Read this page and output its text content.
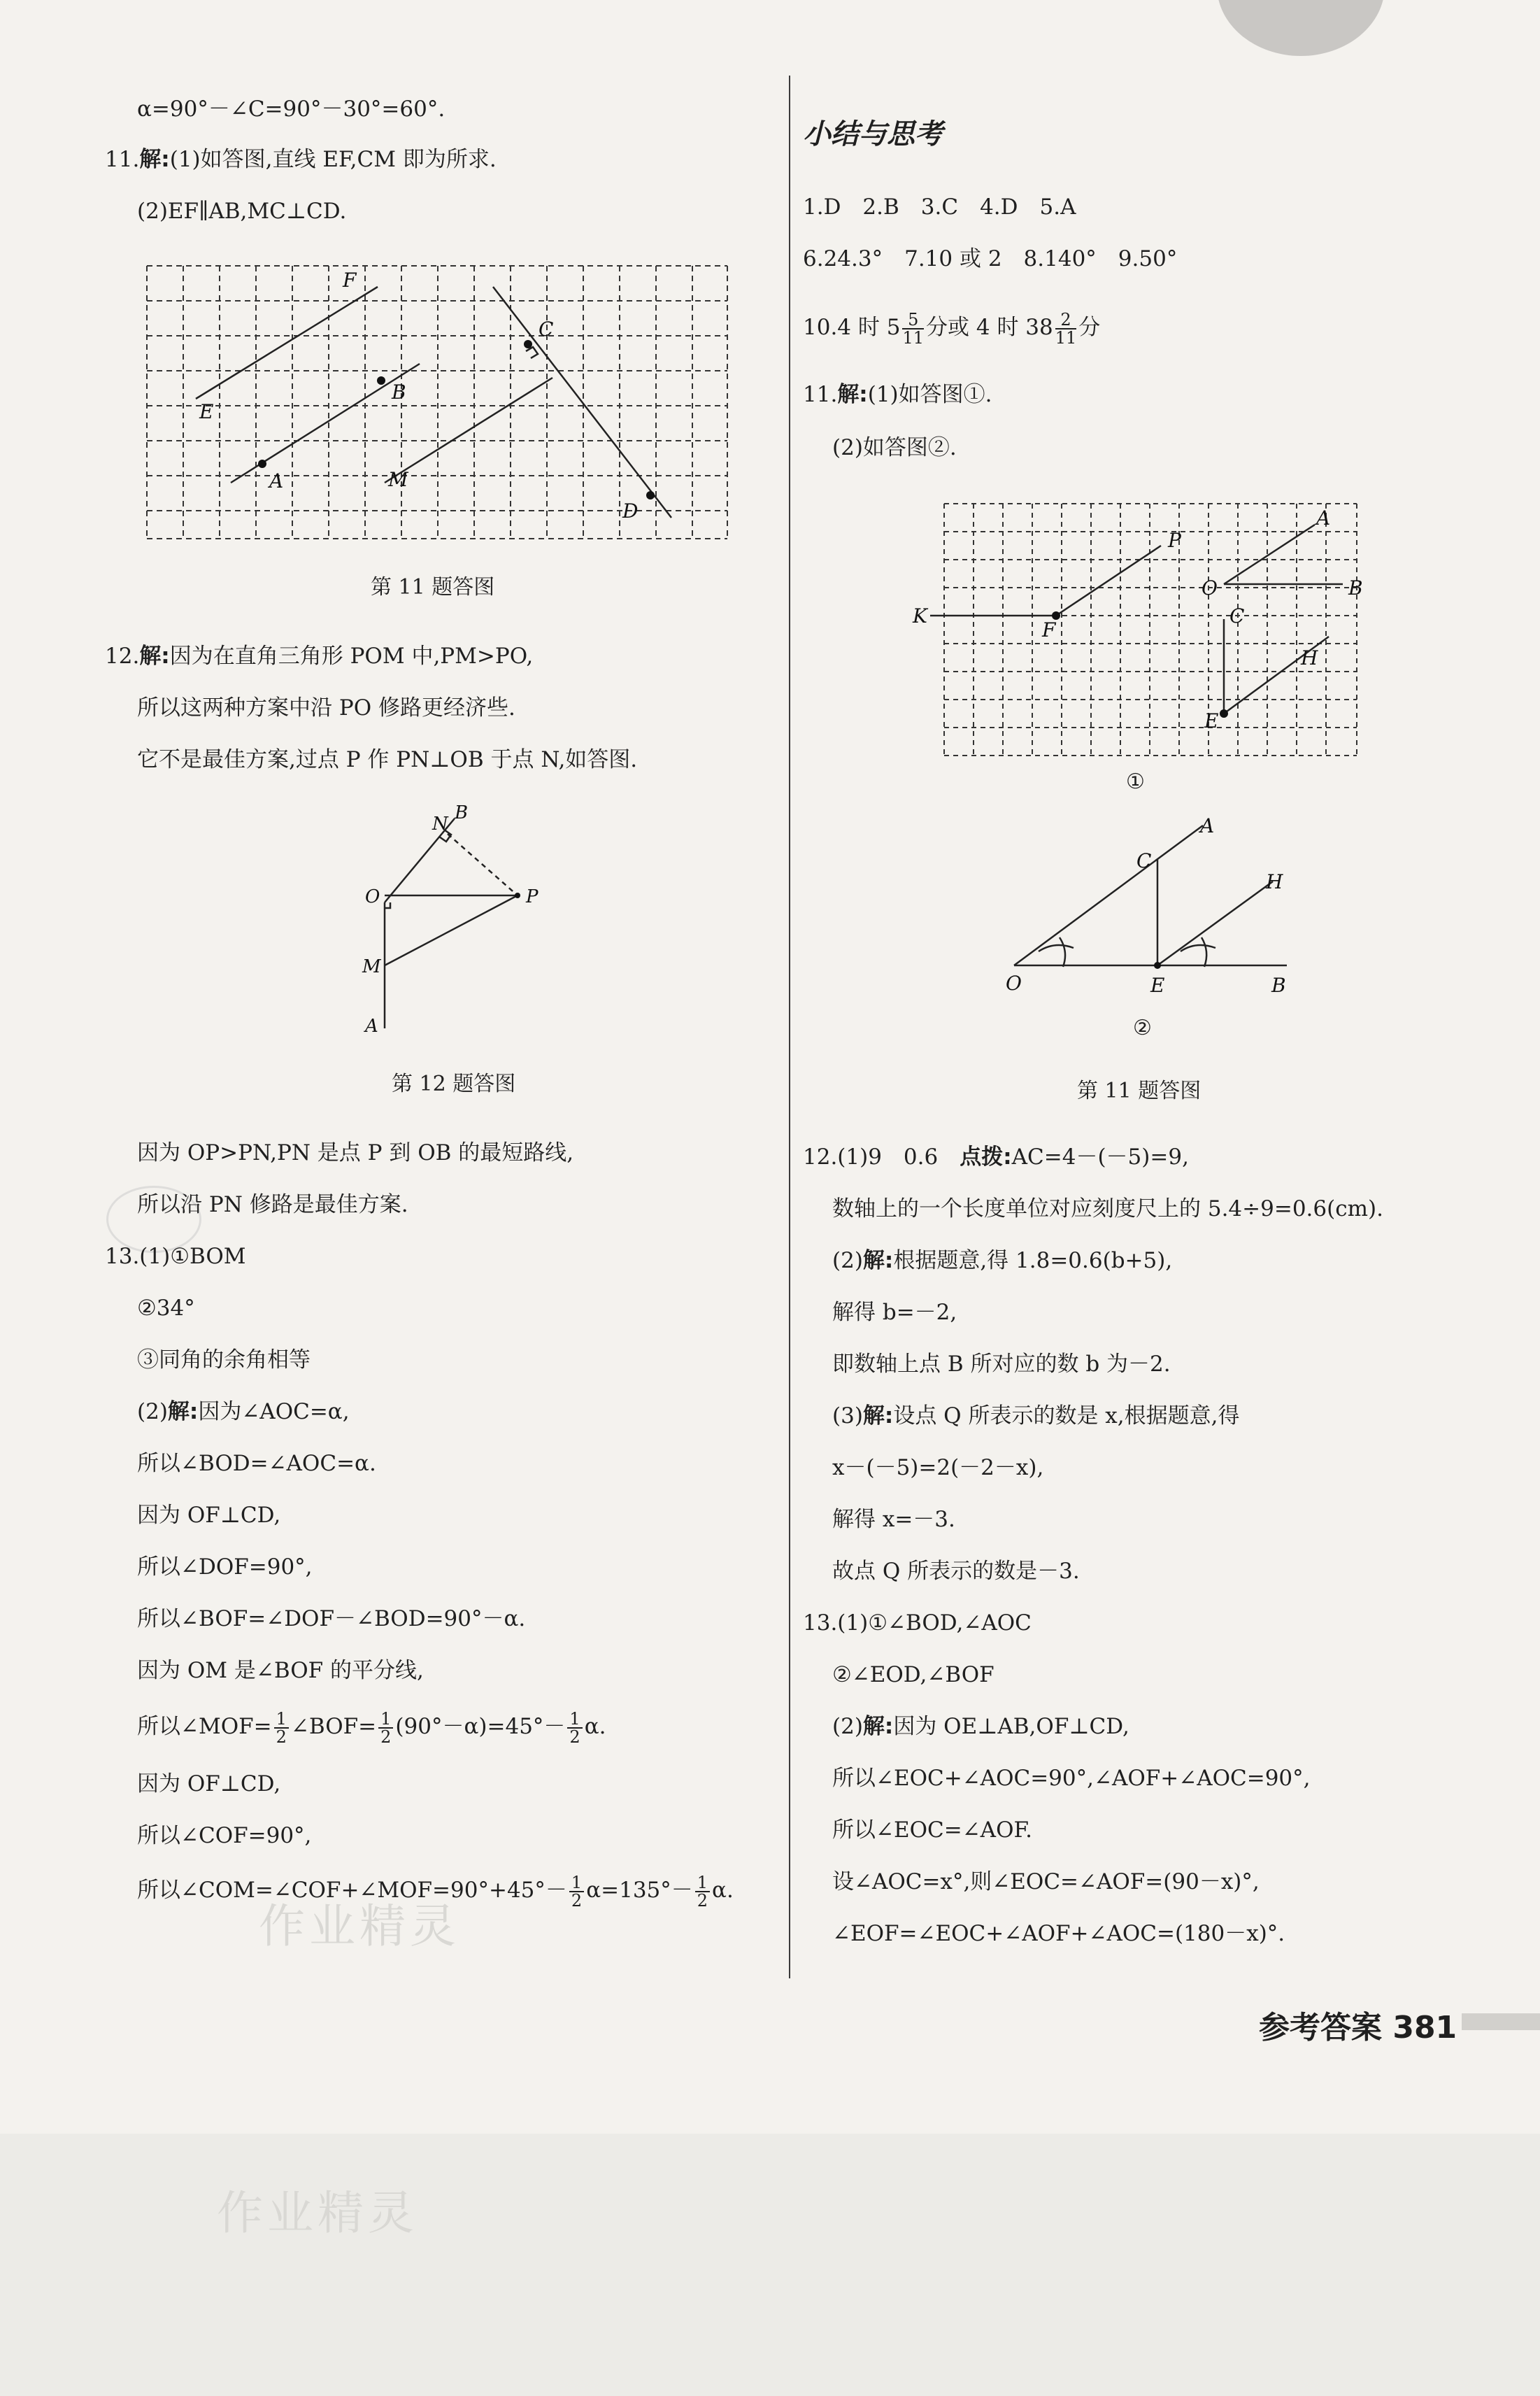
α=90°－∠C=90°－30°=60°.
11.解:(1)如答图,直线 EF,CM 即为所求.
(2)EF∥AB,MC⊥CD.
F
E
B
A
C
M
D
第 11 题答图
12.解:因为在直角三角形 POM 中,PM>PO,
所以这两种方案中沿 PO 修路更经济些.
它不是最佳方案,过点 P 作 PN⊥OB 于点 N,如答图.
N
B
O	P
M
A
第 12 题答图
因为 OP>PN,PN 是点 P 到 OB 的最短路线,
所以沿 PN 修路是最佳方案.
13.(1)①BOM
②34°
③同角的余角相等
(2)解:因为∠AOC=α,
所以∠BOD=∠AOC=α.
因为 OF⊥CD,
所以∠DOF=90°,
所以∠BOF=∠DOF－∠BOD=90°－α.
因为 OM 是∠BOF 的平分线,
所以∠MOF= $\frac{1}{2}$ ∠BOF= $\frac{1}{2} (90^\circ-\alpha)=45^\circ- \frac{1}{2} \alpha$.
因为 OF⊥CD,
所以∠COF=90°,
所以∠COM=∠COF+∠MOF=90°+45°－ $\frac{1}{2} \alpha=135^\circ- \frac{1}{2} \alpha$.
小结与思考
1.D　2.B　3.C　4.D　5.A
6.24.3°　7.10 或 2　8.140°　9.50°
10.4 时 $5 \frac{5}{11}$ 分或 4 时 $38 \frac{2}{11}$ 分
11.解:(1)如答图①.
(2)如答图②.
P
A
O	B
K
F
C
H
E
①
A
C
H
O	E	B
②
第 11 题答图
12.(1)9　0.6　点拨:AC=4－(－5)=9,
数轴上的一个长度单位对应刻度尺上的 5.4÷9=0.6(cm).
(2)解:根据题意,得 1.8=0.6(b+5),
解得 b=－2,
即数轴上点 B 所对应的数 b 为－2.
(3)解:设点 Q 所表示的数是 x,根据题意,得
x－(－5)=2(－2－x),
解得 x=－3.
故点 Q 所表示的数是－3.
13.(1)①∠BOD,∠AOC
②∠EOD,∠BOF
(2)解:因为 OE⊥AB,OF⊥CD,
所以∠EOC+∠AOC=90°,∠AOF+∠AOC=90°,
所以∠EOC=∠AOF.
设∠AOC=x°,则∠EOC=∠AOF=(90－x)°,
∠EOF=∠EOC+∠AOF+∠AOC=(180－x)°.
参考答案 381
作业精灵
作业精灵
